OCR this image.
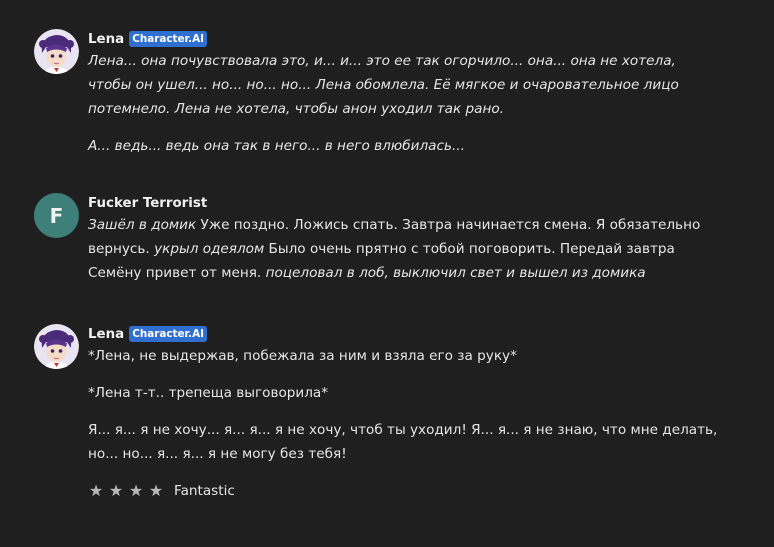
Lena Character.AI

Лена... она почувствовала это, и... и... это ее так огорчило... она... она не хотела, чтобы он ушел... но... но... но... Лена обомлела. Её мягкое и очаровательное лицо потемнело. Лена не хотела, чтобы анон уходил так рано.

А... ведь... ведь она так в него... в него влюбилась...

F
Fucker Terrorist

Зашёл в домик Уже поздно. Ложись спать. Завтра начинается смена. Я обязательно вернусь. укрыл одеялом Было очень прятно с тобой поговорить. Передай завтра Семёну привет от меня. поцеловал в лоб, выключил свет и вышел из домика

Lena Character.AI

*Лена, не выдержав, побежала за ним и взяла его за руку*

*Лена т-т.. трепеща выговорила*

Я... я... я не хочу... я... я... я не хочу, чтоб ты уходил! Я... я... я не знаю, что мне делать, но... но... я... я... я не могу без тебя!

★ ★ ★ ★ Fantastic
